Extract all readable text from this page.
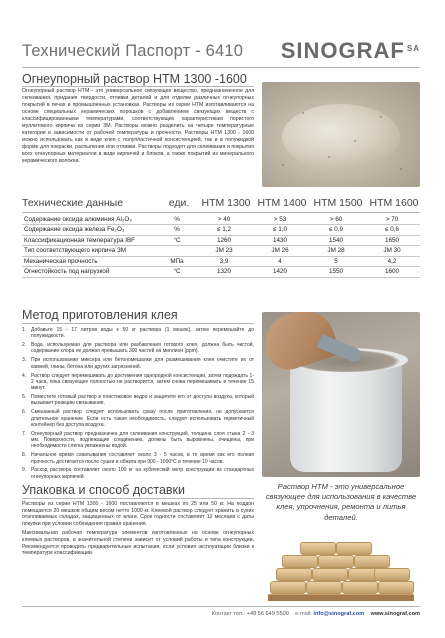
Технический Паспорт - 6410 SINOGRAF $^{SA}$
Огнеупорный раствор НТМ 1300 -1600
Огнеупорный раствор НТМ - это универсальное связующее вещество, предназначенное для склеивания, придания твердости, отливки деталей и для отделки различных огнеупорных покрытий в печах и промышленных установках. Растворы из серии НТМ изготавливаются на основе специальных керамических порошков с добавлением связующих веществ с классифицированными температурами, соответствующих характеристикам пористого муллитового кирпича из серии ЗМ. Растворы можно разделить на четыре температурные категории в зависимости от рабочей температуры и прочности. Растворы НТМ 1300 - 1600 можно использовать как в виде клея с полупластичной консистенцией, так и в полужидкой форме для покраски, распыления или отливки. Растворы подходят для склеивания и покрытия всех огнеупорных материалов в виде кирпичей и блоков, а также покрытий из минерального керамического волокна.
Технические данные	еди.	НТМ 1300 НТМ 1400 НТМ 1500 НТМ 1600
Содержание оксида алюминия Al₂O₃	%	> 40	> 53	> 60	> 70
Содержание оксида железа Fe₂O₃	%	≤ 1,2	≤ 1,0	≤ 0,9	≤ 0,6
Классификационная температура IBF	°C	1260	1430	1540	1650
Тип соответствующего кирпича ЗМ		JM 23	JM 26	JM 28	JM 30
Механическая прочность	МПа	3,9	4	5	4,2
Огнестойкость под нагрузкой	°C	1320	1420	1550	1600
Метод приготовления клея
1. Добавьте 15 - 17 литров воды к 50 кг раствора (1 мешок), затем перемешайте до полужидкости.
2. Вода, используемая для раствора или разбавления готового клея, должна быть чистой, содержание хлора не должно превышать 300 частей на миллион (ppm).
3. При использовании миксера или бетономешалки для размешивания клея очистите их от камней, глины, бетона или других загрязнений.
4. Раствор следует перемешивать до достижения однородной консистенции, затем подождать 1-2 часа, пока связующее полностью не растворится, затем снова перемешивать в течение 15 минут.
5. Поместите готовый раствор в пластиковое ведро и защитите его от доступа воздуха, который вызывает реакцию связывания.
6. Смешанный раствор следует использовать сразу после приготовления, не допускается длительное хранение. Если есть такая необходимость, следует использовать герметичный контейнер без доступа воздуха.
7. Огнеупорный раствор предназначен для склеивания конструкций, толщина слоя стыка 2 - 3 мм. Поверхности, подлежащие соединению, должны быть выровнены, очищены, при необходимости слегка увлажнены водой.
8. Начальное время схватывания составляет около 3 - 5 часов, в то время как его полная прочность достигается после сушки и обжига при 900 - 1000°C в течение 10 часов.
9. Расход раствора составляет около 100 кг на кубический метр конструкции из стандартных огнеупорных кирпичей.
Раствор НТМ - это универсальное связующее для использования в качестве клея, упрочнения, ремонта и литья деталей.
Упаковка и способ доставки

Растворы из серии НТМ 1300 - 1600 поставляются в мешках по 25 или 50 кг. На поддон помещается 20 мешков общим весом нетто 1000 кг. Клеевой раствор следует хранить в сухих отапливаемых складах, защищенных от влаги. Срок годности составляет 12 месяцев с даты покупки при условии соблюдения правил хранения.

Максимальная рабочая температура элементов изготовленных на основе огнеупорных клеевых растворов, в значительной степени зависит от условий работы и типа конструкции. Рекомендуется проводить предварительные испытания, если условия эксплуатации близки к температуре классификации.

Контакт тел.: +48 56 649 5500 e-mail: info@sinograf.com www.sinograf.com
